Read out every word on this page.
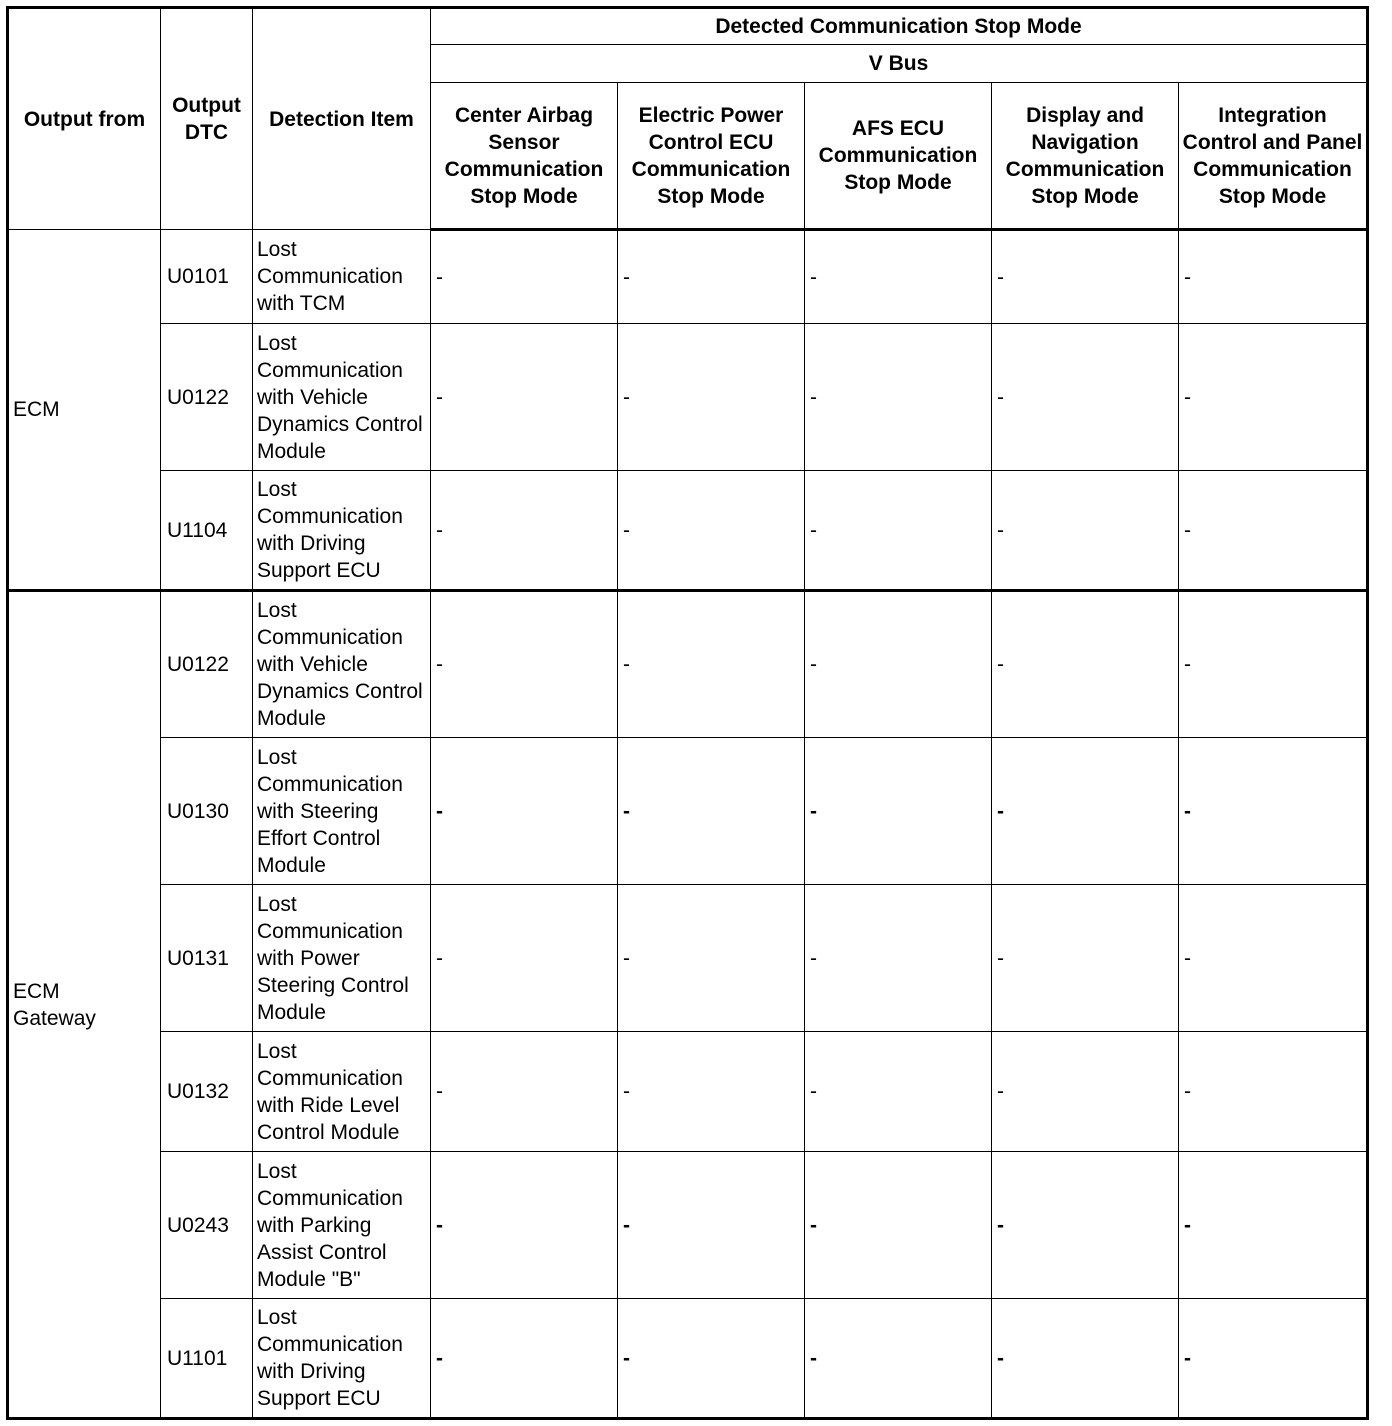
Output from	Output DTC	Detection Item	Detected Communication Stop Mode				
			V Bus				
			Center Airbag Sensor Communication Stop Mode	Electric Power Control ECU Communication Stop Mode	AFS ECU Communication Stop Mode	Display and Navigation Communication Stop Mode	Integration Control and Panel Communication Stop Mode
ECM	U0101	Lost Communication with TCM	-	-	-	-	-
	U0122	Lost Communication with Vehicle Dynamics Control Module	-	-	-	-	-
	U1104	Lost Communication with Driving Support ECU	-	-	-	-	-

ECM Gateway	U0122	Lost Communication with Vehicle Dynamics Control Module	-	-	-	-	-
	U0130	Lost Communication with Steering Effort Control Module	-	-	-	-	-
	U0131	Lost Communication with Power Steering Control Module	-	-	-	-	-
	U0132	Lost Communication with Ride Level Control Module	-	-	-	-	-
	U0243	Lost Communication with Parking Assist Control Module "B"	-	-	-	-	-
	U1101	Lost Communication with Driving Support ECU	-	-	-	-	-
